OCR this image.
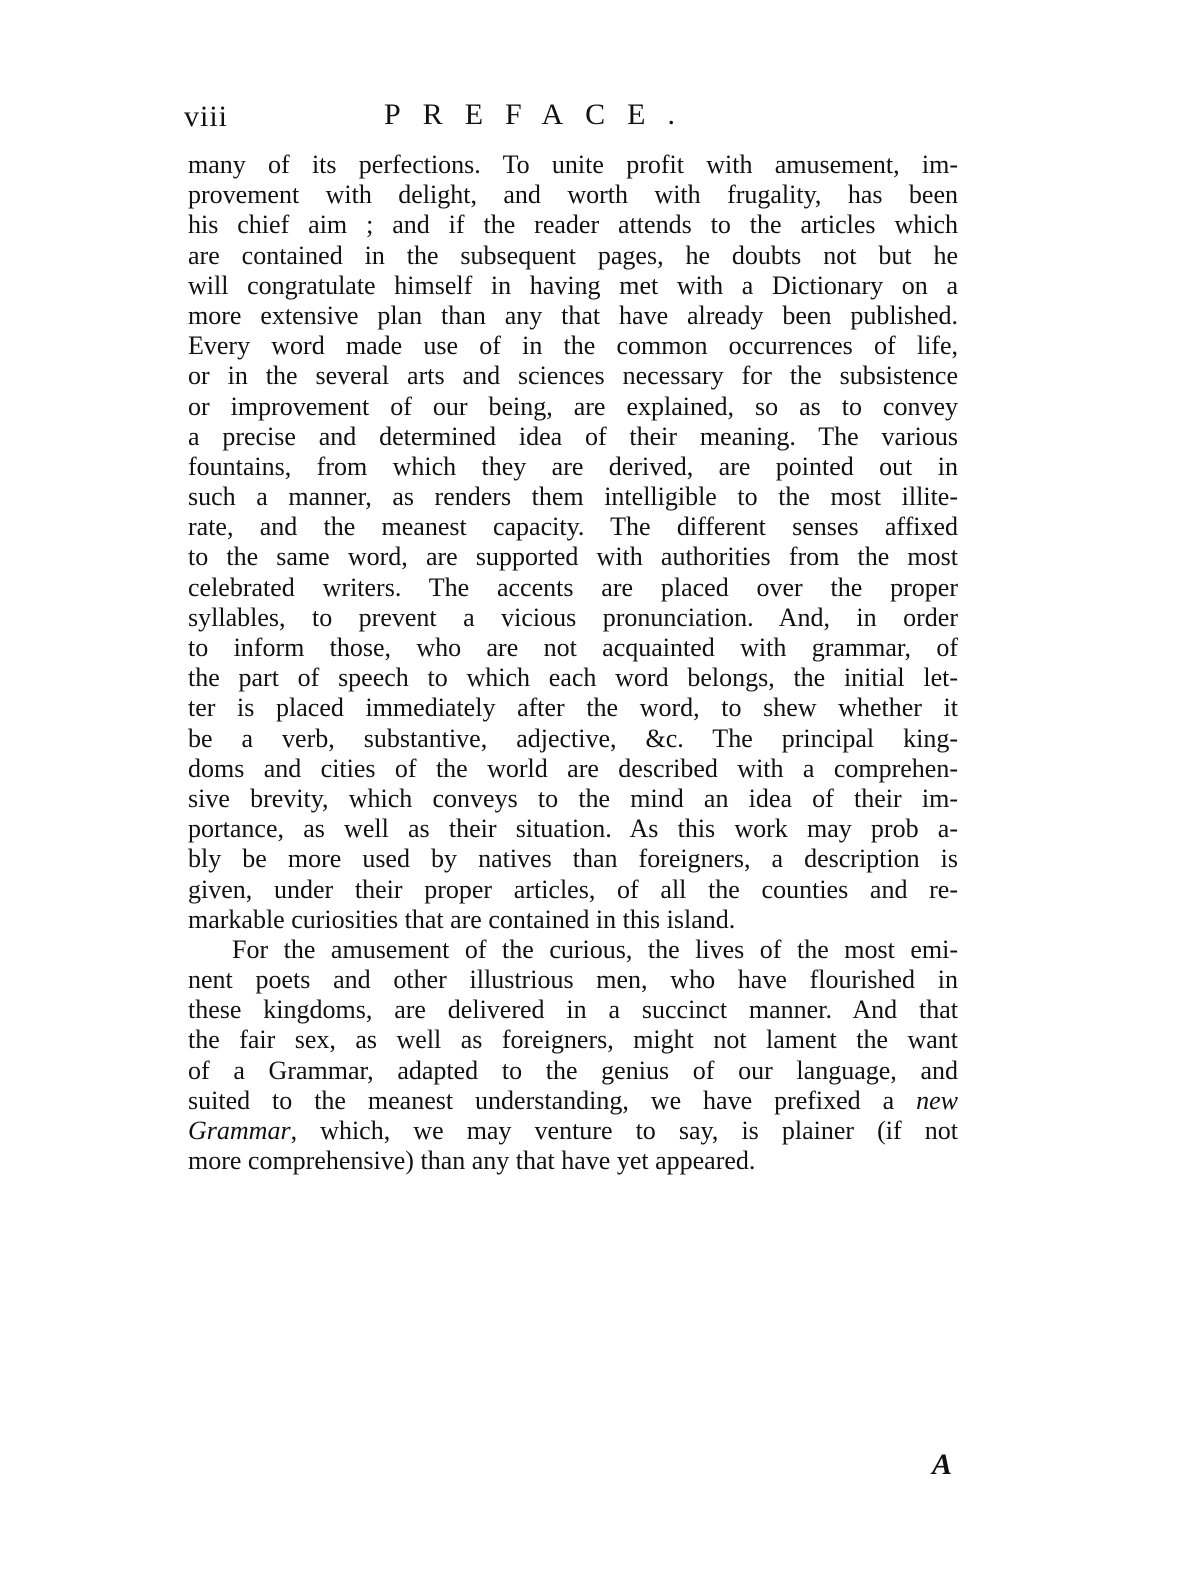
viii	PREFACE.
many of its perfections. To unite profit with amusement, im-
provement with delight, and worth with frugality, has been
his chief aim ; and if the reader attends to the articles which
are contained in the subsequent pages, he doubts not but he
will congratulate himself in having met with a Dictionary on a
more extensive plan than any that have already been published.
Every word made use of in the common occurrences of life,
or in the several arts and sciences necessary for the subsistence
or improvement of our being, are explained, so as to convey
a precise and determined idea of their meaning. The various
fountains, from which they are derived, are pointed out in
such a manner, as renders them intelligible to the most illite-
rate, and the meanest capacity. The different senses affixed
to the same word, are supported with authorities from the most
celebrated writers. The accents are placed over the proper
syllables, to prevent a vicious pronunciation. And, in order
to inform those, who are not acquainted with grammar, of
the part of speech to which each word belongs, the initial let-
ter is placed immediately after the word, to shew whether it
be a verb, substantive, adjective, &c. The principal king-
doms and cities of the world are described with a comprehen-
sive brevity, which conveys to the mind an idea of their im-
portance, as well as their situation. As this work may prob a-
bly be more used by natives than foreigners, a description is
given, under their proper articles, of all the counties and re-
markable curiosities that are contained in this island.
For the amusement of the curious, the lives of the most emi-
nent poets and other illustrious men, who have flourished in
these kingdoms, are delivered in a succinct manner. And that
the fair sex, as well as foreigners, might not lament the want
of a Grammar, adapted to the genius of our language, and
suited to the meanest understanding, we have prefixed a new
Grammar, which, we may venture to say, is plainer (if not
more comprehensive) than any that have yet appeared.
A
